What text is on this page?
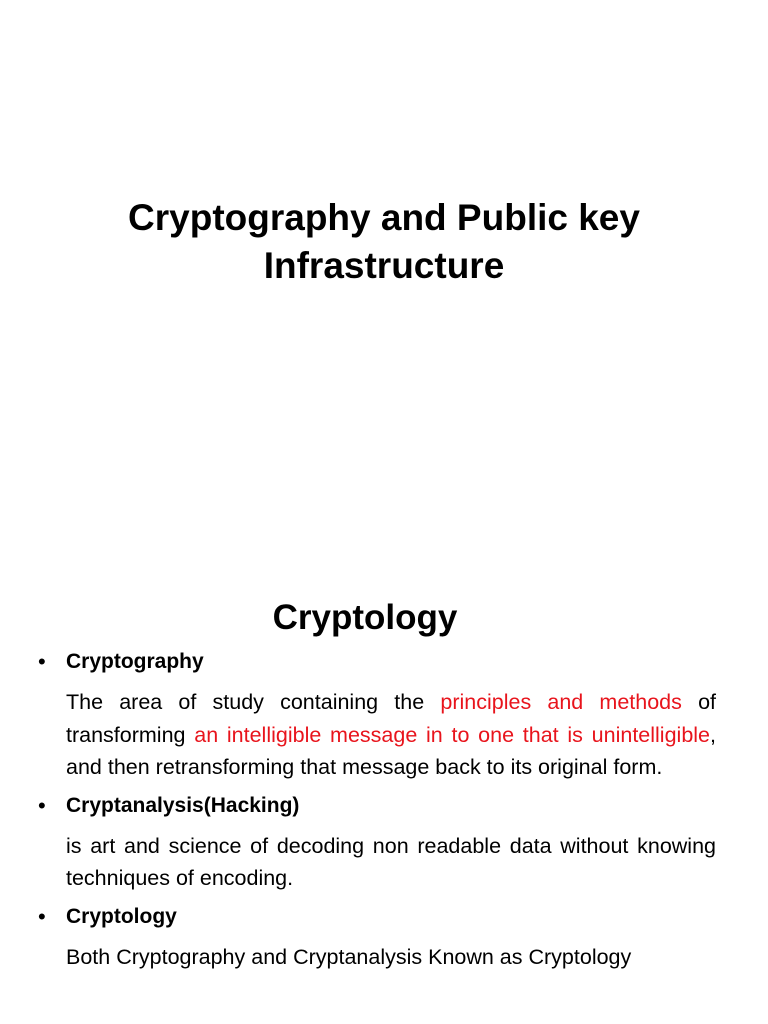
Cryptography and Public key
Infrastructure
Cryptology
• Cryptography
The area of study containing the principles and methods of transforming an intelligible message in to one that is unintelligible, and then retransforming that message back to its original form.
• Cryptanalysis(Hacking)
is art and science of decoding non readable data without knowing techniques of encoding.
• Cryptology
Both Cryptography and Cryptanalysis Known as Cryptology
